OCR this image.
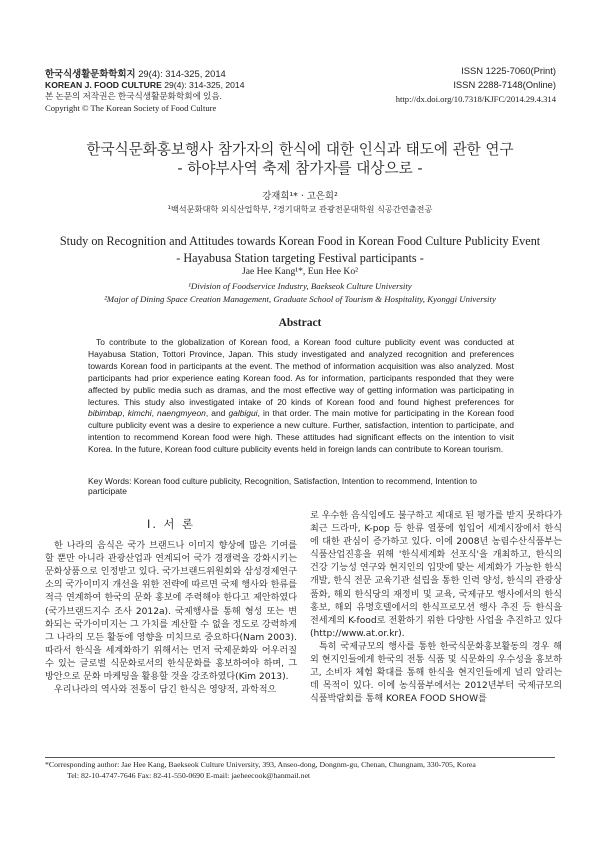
한국식생활문화학회지 29(4): 314-325, 2014
KOREAN J. FOOD CULTURE 29(4): 314-325, 2014
본 논문의 저작권은 한국식생활문화학회에 있음.
Copyright © The Korean Society of Food Culture
ISSN 1225-7060(Print)
ISSN 2288-7148(Online)
http://dx.doi.org/10.7318/KJFC/2014.29.4.314
한국식문화홍보행사 참가자의 한식에 대한 인식과 태도에 관한 연구
- 하야부사역 축제 참가자를 대상으로 -
강재희¹* · 고은희²
¹백석문화대학 외식산업학부, ²경기대학교 관광전문대학원 식공간연출전공
Study on Recognition and Attitudes towards Korean Food in Korean Food Culture Publicity Event
- Hayabusa Station targeting Festival participants -
Jae Hee Kang¹*, Eun Hee Ko²
¹Division of Foodservice Industry, Baekseok Culture University
²Major of Dining Space Creation Management, Graduate School of Tourism & Hospitality, Kyonggi University
Abstract
To contribute to the globalization of Korean food, a Korean food culture publicity event was conducted at Hayabusa Station, Tottori Province, Japan. This study investigated and analyzed recognition and preferences towards Korean food in participants at the event. The method of information acquisition was also analyzed. Most participants had prior experience eating Korean food. As for information, participants responded that they were affected by public media such as dramas, and the most effective way of getting information was participating in lectures. This study also investigated intake of 20 kinds of Korean food and found highest preferences for bibimbap, kimchi, naengmyeon, and galbigui, in that order. The main motive for participating in the Korean food culture publicity event was a desire to experience a new culture. Further, satisfaction, intention to participate, and intention to recommend Korean food were high. These attitudes had significant effects on the intention to visit Korea. In the future, Korean food culture publicity events held in foreign lands can contribute to Korean tourism.
Key Words: Korean food culture publicity, Recognition, Satisfaction, Intention to recommend, Intention to participate
Ⅰ. 서 론

한 나라의 음식은 국가 브랜드나 이미지 향상에 많은 기여를 할 뿐만 아니라 관광산업과 연계되어 국가 경쟁력을 강화시키는 문화상품으로 인정받고 있다. 국가브랜드위원회와 삼성경제연구소의 국가이미지 개선을 위한 전략에 따르면 국제 행사와 한류를 적극 연계하여 한국의 문화 홍보에 주력해야 한다고 제안하였다(국가브랜드지수 조사 2012a). 국제행사를 통해 형성 또는 변화되는 국가이미지는 그 가치를 계산할 수 없을 정도로 강력하게 그 나라의 모든 활동에 영향을 미치므로 중요하다(Nam 2003). 따라서 한식을 세계화하기 위해서는 먼저 국제문화와 어우러질 수 있는 글로벌 식문화로서의 한식문화를 홍보하여야 하며, 그 방안으로 문화 마케팅을 활용할 것을 강조하였다(Kim 2013).

우리나라의 역사와 전통이 담긴 한식은 영양적, 과학적으

로 우수한 음식임에도 불구하고 제대로 된 평가를 받지 못하다가 최근 드라마, K-pop 등 한류 열풍에 힘입어 세계시장에서 한식에 대한 관심이 증가하고 있다. 이에 2008년 농림수산식품부는 식품산업진흥을 위해 '한식세계화 선포식'을 개최하고, 한식의 건강 기능성 연구와 현지인의 입맛에 맞는 세계화가 가능한 한식 개발, 한식 전문 교육기관 설립을 통한 인력 양성, 한식의 관광상품화, 해외 한식당의 재정비 및 교육, 국제규모 행사에서의 한식 홍보, 해외 유명호텔에서의 한식프로모션 행사 추진 등 한식을 전세계의 K-food로 전환하기 위한 다양한 사업을 추진하고 있다(http://www.at.or.kr).

특히 국제규모의 행사를 통한 한국식문화홍보활동의 경우 해외 현지인들에게 한국의 전통 식품 및 식문화의 우수성을 홍보하고, 소비자 체험 확대를 통해 한식을 현지인들에게 널리 알리는데 목적이 있다. 이에 농식품부에서는 2012년부터 국제규모의 식품박람회를 통해 KOREA FOOD SHOW를

*Corresponding author: Jae Hee Kang, Baekseok Culture University, 393, Anseo-dong, Dongnm-gu, Chenan, Chungnam, 330-705, Korea
Tel: 82-10-4747-7646 Fax: 82-41-550-0690 E-mail: jaeheecook@hanmail.net
